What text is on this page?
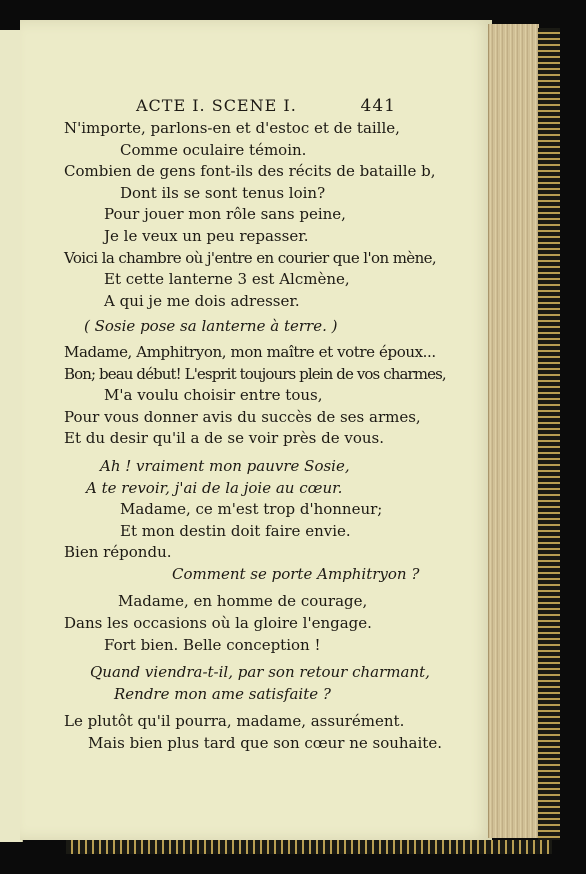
ACTE I. SCENE I.	441
N'importe, parlons-en et d'estoc et de taille,
Comme oculaire témoin.
Combien de gens font-ils des récits de bataille b,
Dont ils se sont tenus loin?
Pour jouer mon rôle sans peine,
Je le veux un peu repasser.
Voici la chambre où j'entre en courier que l'on mène,
Et cette lanterne 3 est Alcmène,
A qui je me dois adresser.
( Sosie pose sa lanterne à terre. )
Madame, Amphitryon, mon maître et votre époux...
Bon; beau début! L'esprit toujours plein de vos charmes,
M'a voulu choisir entre tous,
Pour vous donner avis du succès de ses armes,
Et du desir qu'il a de se voir près de vous.
Ah ! vraiment mon pauvre Sosie,
A te revoir, j'ai de la joie au cœur.
Madame, ce m'est trop d'honneur;
Et mon destin doit faire envie.
Bien répondu.
Comment se porte Amphitryon ?
Madame, en homme de courage,
Dans les occasions où la gloire l'engage.
Fort bien. Belle conception !
Quand viendra-t-il, par son retour charmant,
Rendre mon ame satisfaite ?
Le plutôt qu'il pourra, madame, assurément.
Mais bien plus tard que son cœur ne souhaite.
